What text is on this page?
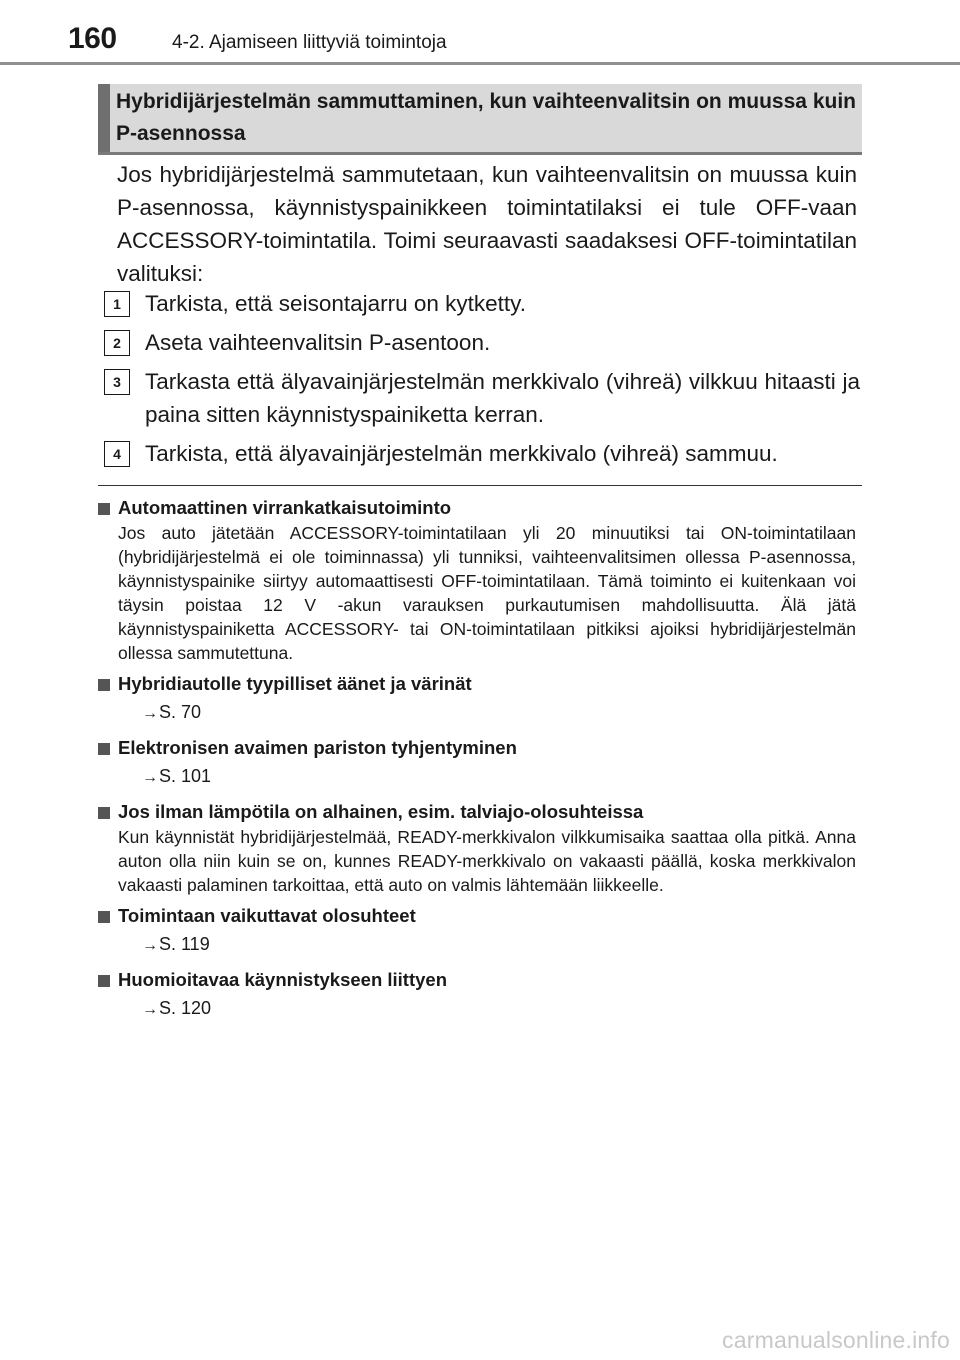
160	4-2. Ajamiseen liittyviä toimintoja
Hybridijärjestelmän sammuttaminen, kun vaihteenvalitsin on muussa kuin P-asennossa

Jos hybridijärjestelmä sammutetaan, kun vaihteenvalitsin on muussa kuin P-asennossa, käynnistyspainikkeen toimintatilaksi ei tule OFF-vaan ACCESSORY-toimintatila. Toimi seuraavasti saadaksesi OFF-toimintatilan valituksi:

1	Tarkista, että seisontajarru on kytketty.
2	Aseta vaihteenvalitsin P-asentoon.
3	Tarkasta että älyavainjärjestelmän merkkivalo (vihreä) vilkkuu hitaasti ja paina sitten käynnistyspainiketta kerran.
4	Tarkista, että älyavainjärjestelmän merkkivalo (vihreä) sammuu.
Automaattinen virrankatkaisutoiminto
Jos auto jätetään ACCESSORY-toimintatilaan yli 20 minuutiksi tai ON-toimintatilaan (hybridijärjestelmä ei ole toiminnassa) yli tunniksi, vaihteenvalitsimen ollessa P-asennossa, käynnistyspainike siirtyy automaattisesti OFF-toimintatilaan. Tämä toiminto ei kuitenkaan voi täysin poistaa 12 V -akun varauksen purkautumisen mahdollisuutta. Älä jätä käynnistyspainiketta ACCESSORY- tai ON-toimintatilaan pitkiksi ajoiksi hybridijärjestelmän ollessa sammutettuna.
Hybridiautolle tyypilliset äänet ja värinät
→S. 70
Elektronisen avaimen pariston tyhjentyminen
→S. 101
Jos ilman lämpötila on alhainen, esim. talviajo-olosuhteissa
Kun käynnistät hybridijärjestelmää, READY-merkkivalon vilkkumisaika saattaa olla pitkä. Anna auton olla niin kuin se on, kunnes READY-merkkivalo on vakaasti päällä, koska merkkivalon vakaasti palaminen tarkoittaa, että auto on valmis lähtemään liikkeelle.
Toimintaan vaikuttavat olosuhteet
→S. 119
Huomioitavaa käynnistykseen liittyen
→S. 120
carmanualsonline.info
